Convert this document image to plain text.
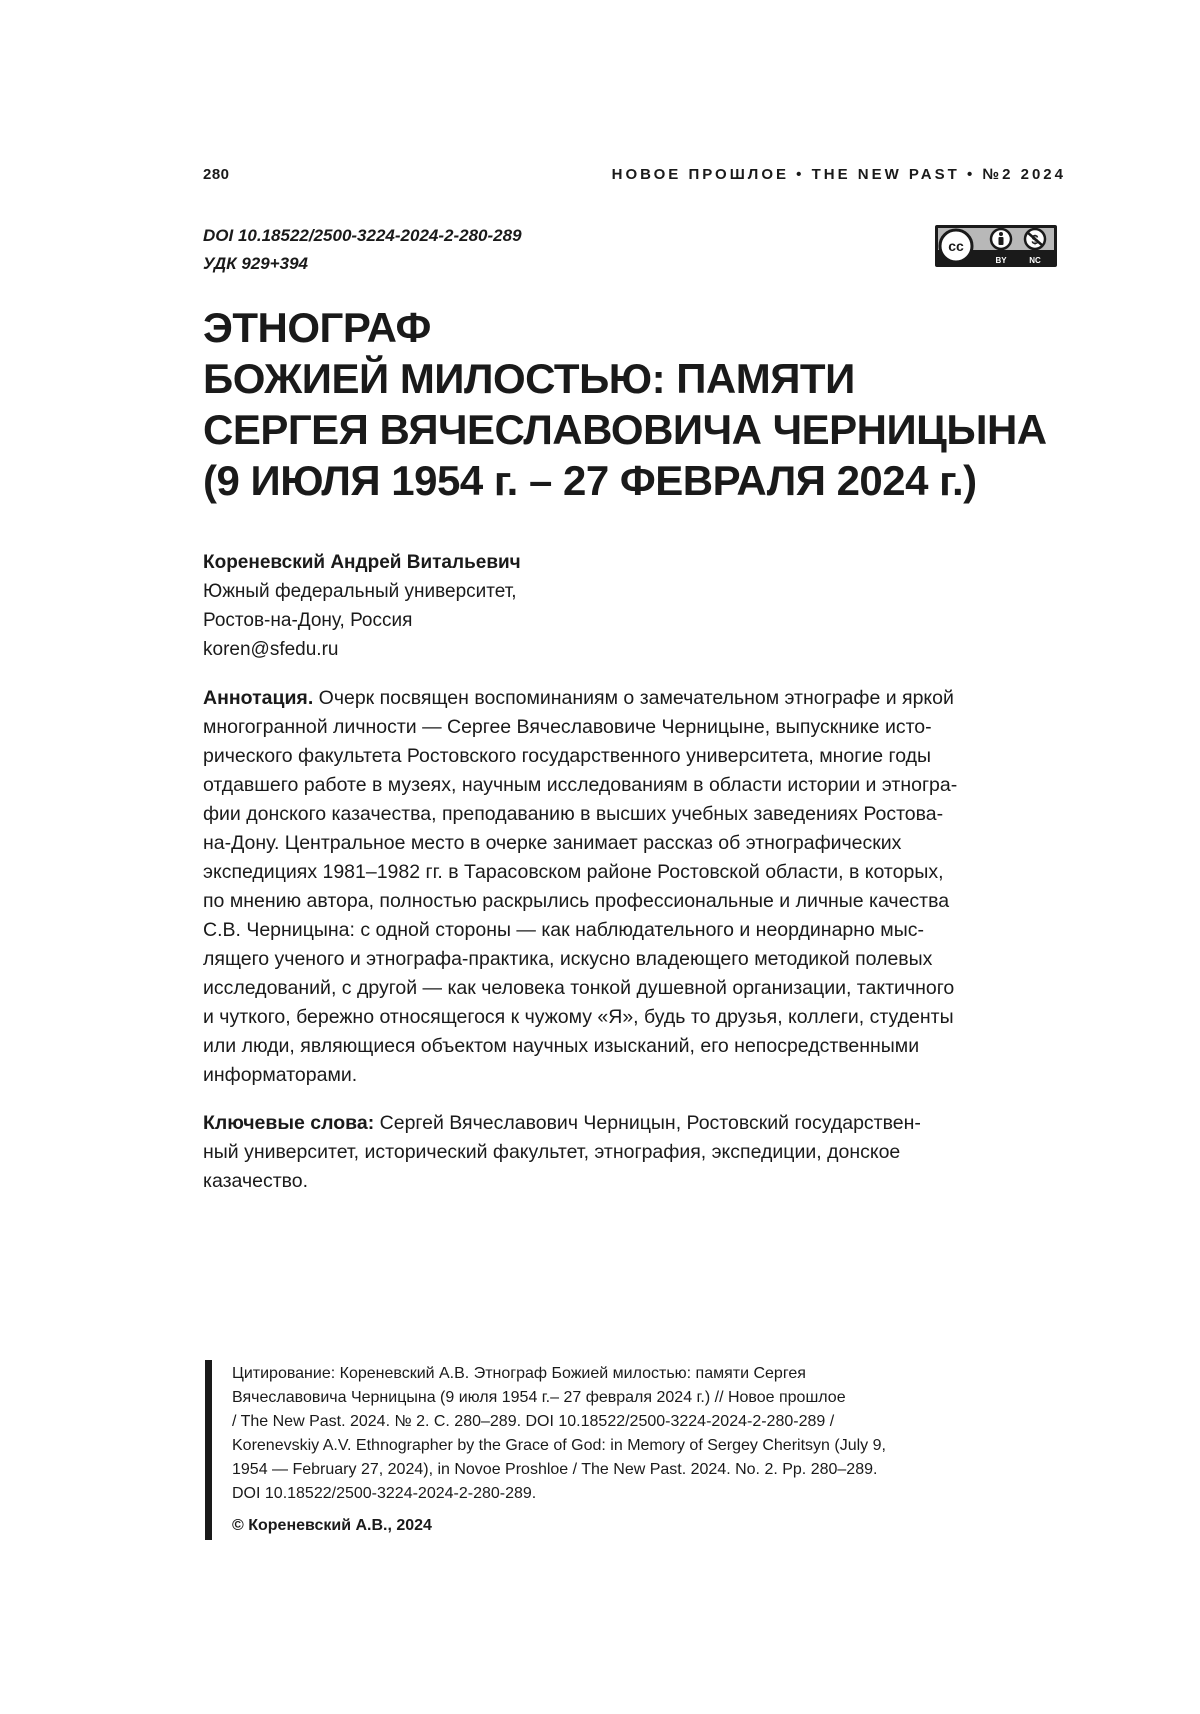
280	НОВОЕ ПРОШЛОЕ • THE NEW PAST • №2 2024
DOI 10.18522/2500-3224-2024-2-280-289
УДК 929+394
cc
BY	NC
ЭТНОГРАФ
БОЖИЕЙ МИЛОСТЬЮ: ПАМЯТИ
СЕРГЕЯ ВЯЧЕСЛАВОВИЧА ЧЕРНИЦЫНА
(9 ИЮЛЯ 1954 г. – 27 ФЕВРАЛЯ 2024 г.)
Кореневский Андрей Витальевич
Южный федеральный университет,
Ростов-на-Дону, Россия
koren@sfedu.ru
Аннотация. Очерк посвящен воспоминаниям о замечательном этнографе и яркой
многогранной личности — Сергее Вячеславовиче Черницыне, выпускнике исто-
рического факультета Ростовского государственного университета, многие годы
отдавшего работе в музеях, научным исследованиям в области истории и этногра-
фии донского казачества, преподаванию в высших учебных заведениях Ростова-
на-Дону. Центральное место в очерке занимает рассказ об этнографических
экспедициях 1981–1982 гг. в Тарасовском районе Ростовской области, в которых,
по мнению автора, полностью раскрылись профессиональные и личные качества
С.В. Черницына: с одной стороны — как наблюдательного и неординарно мыс-
лящего ученого и этнографа-практика, искусно владеющего методикой полевых
исследований, с другой — как человека тонкой душевной организации, тактичного
и чуткого, бережно относящегося к чужому «Я», будь то друзья, коллеги, студенты
или люди, являющиеся объектом научных изысканий, его непосредственными
информаторами.
Ключевые слова: Сергей Вячеславович Черницын, Ростовский государствен-
ный университет, исторический факультет, этнография, экспедиции, донское
казачество.
Цитирование: Кореневский А.В. Этнограф Божией милостью: памяти Сергея
Вячеславовича Черницына (9 июля 1954 г.– 27 февраля 2024 г.) // Новое прошлое
/ The New Past. 2024. № 2. С. 280–289. DOI 10.18522/2500-3224-2024-2-280-289 /
Korenevskiy A.V. Ethnographer by the Grace of God: in Memory of Sergey Cheritsyn (July 9,
1954 — February 27, 2024), in Novoe Proshloe / The New Past. 2024. No. 2. Pp. 280–289.
DOI 10.18522/2500-3224-2024-2-280-289.
© Кореневский А.В., 2024
